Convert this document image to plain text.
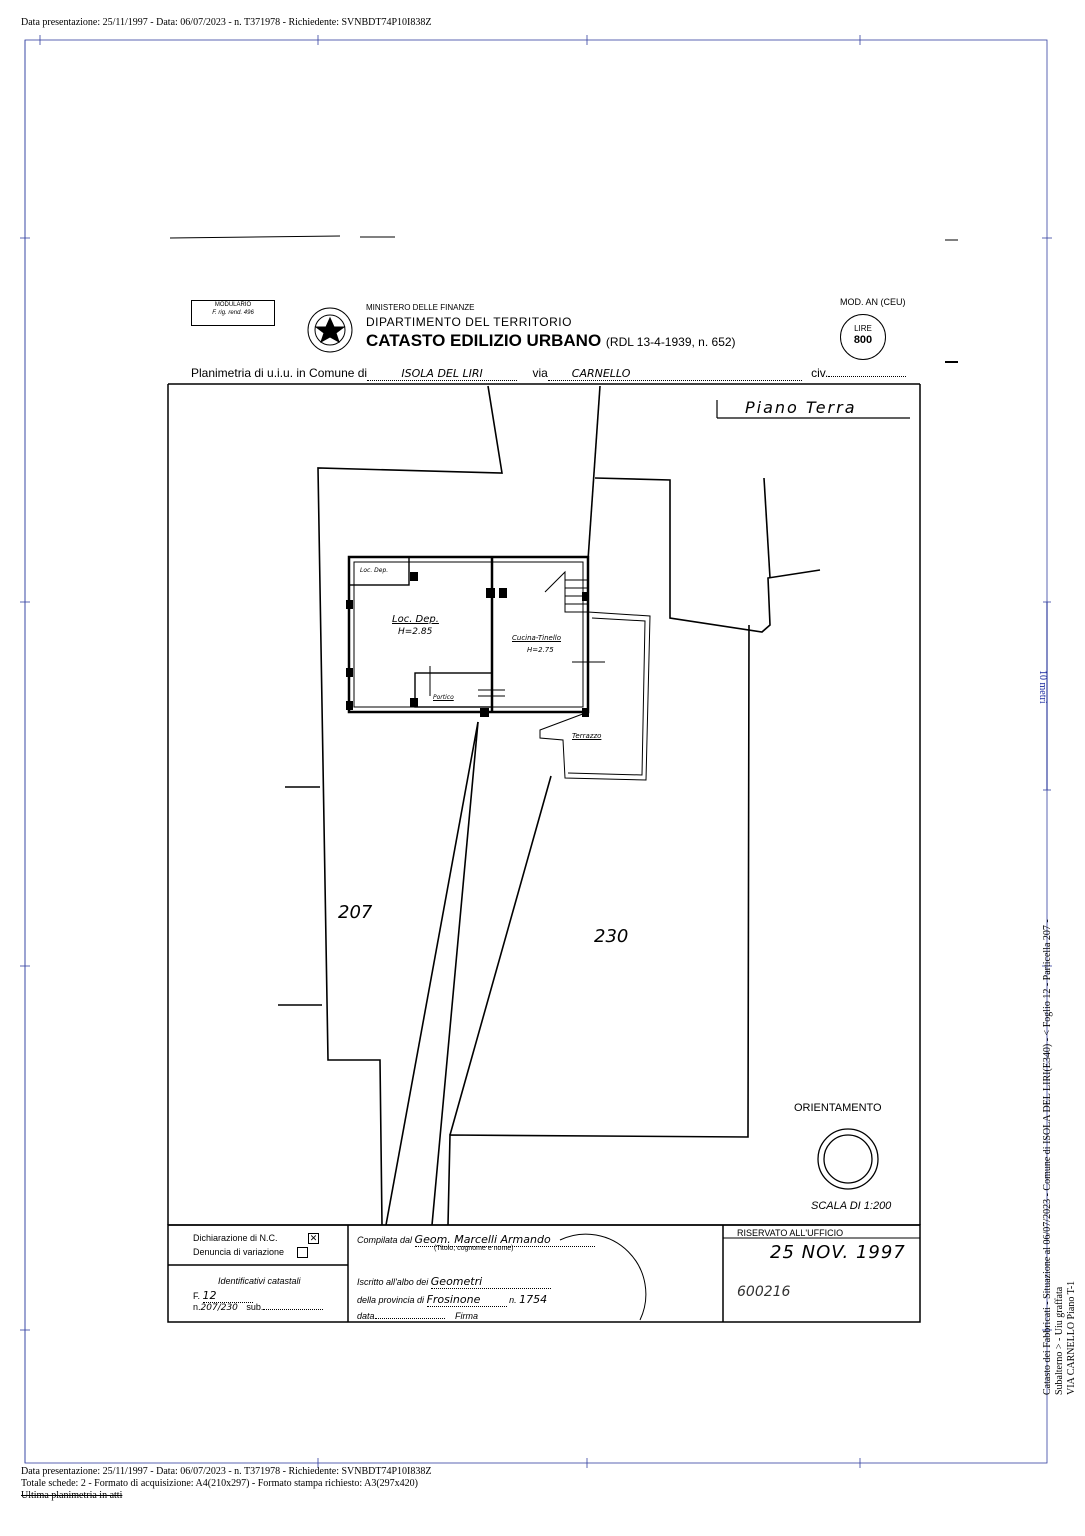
Data presentazione: 25/11/1997 - Data: 06/07/2023 - n. T371978 - Richiedente: SVNBDT74P10I838Z
MODULARIO
F. rig. rend. 496
MINISTERO DELLE FINANZE
DIPARTIMENTO DEL TERRITORIO
CATASTO EDILIZIO URBANO (RDL 13-4-1939, n. 652)
MOD. AN (CEU)
LIRE
800
Planimetria di u.i.u. in Comune di	ISOLA DEL LIRI	via CARNELLO	civ.
Piano Terra
Loc. Dep.
Loc. Dep.
H=2.85
Cucina-Tinello
H=2.75
Portico
Terrazzo
207
230
ORIENTAMENTO
SCALA DI 1:200
Dichiarazione di N.C.	✕
Denuncia di variazione
Identificativi catastali
F. 12
n.207/230 sub.
Compilata dal Geom. Marcelli Armando
(Titolo, cognome e nome)
Iscritto all'albo dei Geometri
della provincia di Frosinone	n. 1754
data	Firma
RISERVATO ALL'UFFICIO
25 NOV. 1997
600216
10 metri
Catasto dei Fabbricati - Situazione al 06/07/2023 - Comune di ISOLA DEL LIRI(E340) - < Foglio 12 - Particella 207 - Subalterno > - Uiu graffata VIA CARNELLO Piano T-1
Data presentazione: 25/11/1997 - Data: 06/07/2023 - n. T371978 - Richiedente: SVNBDT74P10I838Z
Totale schede: 2 - Formato di acquisizione: A4(210x297) - Formato stampa richiesto: A3(297x420)
Ultima planimetria in atti
